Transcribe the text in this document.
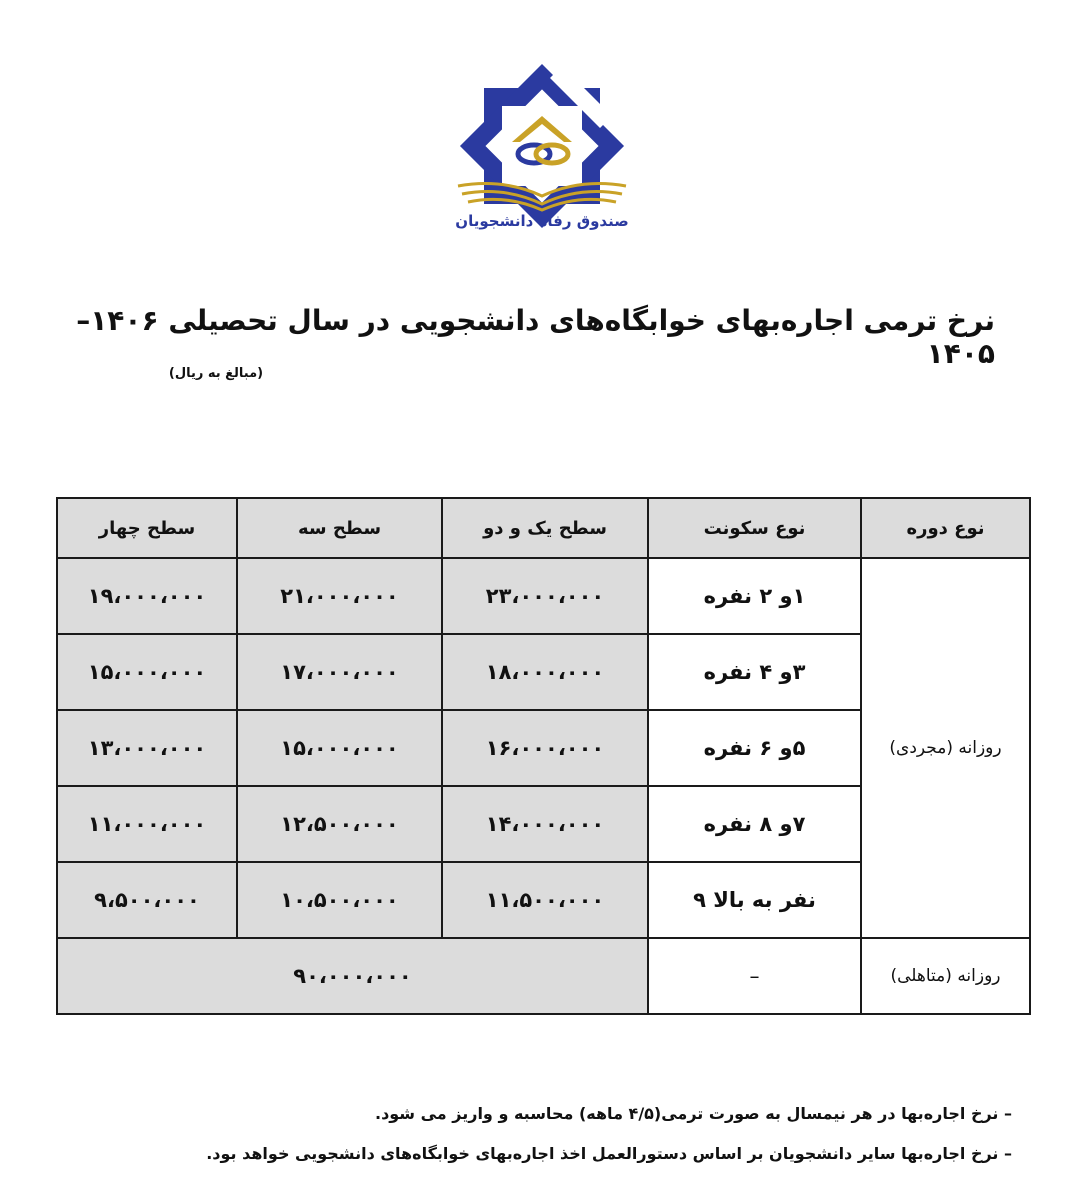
صندوق رفاه دانشجویان
نرخ ترمی اجاره‌بهای خوابگاه‌های دانشجویی در سال تحصیلی ۱۴۰۶–۱۴۰۵
(مبالغ به ریال)
نوع دوره	نوع سکونت	سطح یک و دو	سطح سه	سطح چهار
روزانه (مجردی)	۱و ۲ نفره	۲۳،۰۰۰،۰۰۰	۲۱،۰۰۰،۰۰۰	۱۹،۰۰۰،۰۰۰
	۳و ۴ نفره	۱۸،۰۰۰،۰۰۰	۱۷،۰۰۰،۰۰۰	۱۵،۰۰۰،۰۰۰
	۵و ۶ نفره	۱۶،۰۰۰،۰۰۰	۱۵،۰۰۰،۰۰۰	۱۳،۰۰۰،۰۰۰
	۷و ۸ نفره	۱۴،۰۰۰،۰۰۰	۱۲،۵۰۰،۰۰۰	۱۱،۰۰۰،۰۰۰
	نفر به بالا ۹	۱۱،۵۰۰،۰۰۰	۱۰،۵۰۰،۰۰۰	۹،۵۰۰،۰۰۰
روزانه (متاهلی)	–	۹۰،۰۰۰،۰۰۰		
– نرخ اجاره‌بها در هر نیمسال به صورت ترمی(۴/۵ ماهه) محاسبه و واریز می شود.
– نرخ اجاره‌بها سایر دانشجویان بر اساس دستورالعمل اخذ اجاره‌بهای خوابگاه‌های دانشجویی خواهد بود.
